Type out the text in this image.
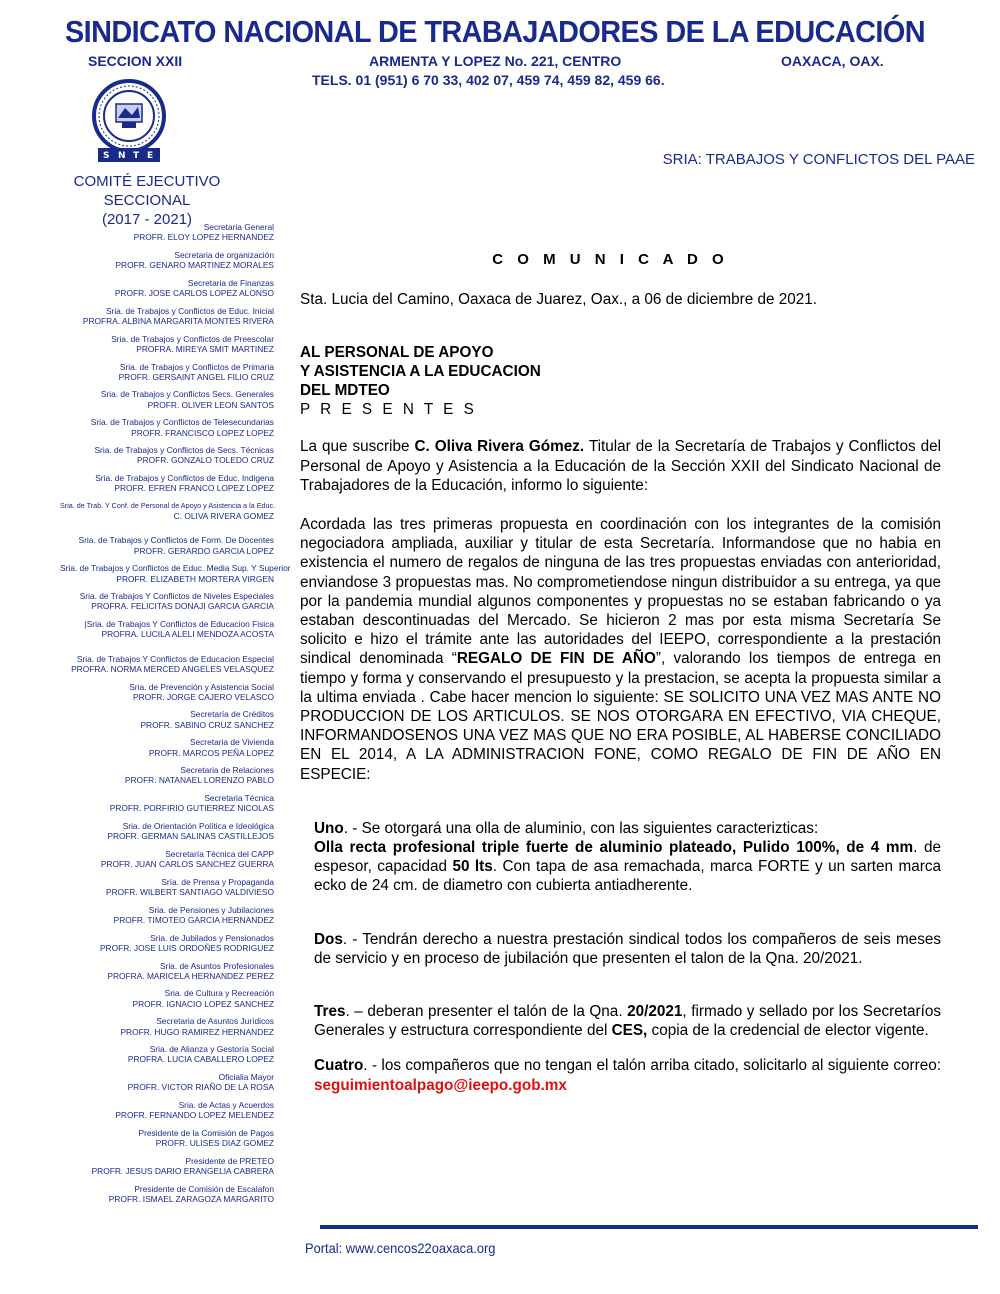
SINDICATO NACIONAL DE TRABAJADORES DE LA EDUCACIÓN
SECCION XXII	ARMENTA Y LOPEZ No. 221, CENTRO	OAXACA, OAX.
TELS. 01 (951) 6 70 33, 402 07, 459 74, 459 82, 459 66.
S N T E	SRIA: TRABAJOS Y CONFLICTOS DEL PAAE
COMITÉ EJECUTIVO SECCIONAL
(2017 - 2021)	Secretaria General
PROFR. ELOY LOPEZ HERNANDEZ
Secretaria de organización
PROFR. GENARO MARTINEZ MORALES
Secretaria de Finanzas
PROFR. JOSE CARLOS LOPEZ ALONSO
Sria. de Trabajos y Conflictos de Educ. Inicial
PROFRA. ALBINA MARGARITA MONTES RIVERA
Sria. de Trabajos y Conflictos de Preescolar
PROFRA. MIREYA SMIT MARTINEZ
Sria. de Trabajos y Conflictos de Primaria
PROFR. GERSAINT ANGEL FILIO CRUZ
Sria. de Trabajos y Conflictos Secs. Generales
PROFR. OLIVER LEON SANTOS
Sria. de Trabajos y Conflictos de Telesecundarias
PROFR. FRANCISCO LOPEZ LOPEZ
Sria. de Trabajos y Conflictos de Secs. Técnicas
PROFR. GONZALO TOLEDO CRUZ
Sria. de Trabajos y Conflictos de Educ. Indigena
PROFR. EFREN FRANCO LOPEZ LOPEZ
Sria. de Trab. Y Conf. de Personal de Apoyo y Asistencia a la Educ.
C. OLIVA RIVERA GOMEZ
Sria. de Trabajos y Conflictos de Form. De Docentes
PROFR. GERARDO GARCIA LOPEZ
Sria. de Trabajos y Conflictos de Educ. Media Sup. Y Superior
PROFR. ELIZABETH MORTERA VIRGEN
Sria. de Trabajos Y Conflictos de Niveles Especiales
PROFRA. FELICITAS DONAJI GARCIA GARCIA
|Sria. de Trabajos Y Conflictos de Educacion Fisica
PROFRA. LUCILA ALELI MENDOZA ACOSTA
Sria. de Trabajos Y Conflictos de Educacion Especial
PROFRA. NORMA MERCED ANGELES VELASQUEZ
Sria. de Prevención y Asistencia Social
PROFR. JORGE CAJERO VELASCO
Secretaría de Créditos
PROFR. SABINO CRUZ SANCHEZ
Secretaria de Vivienda
PROFR. MARCOS PEÑA LOPEZ
Secretaria de Relaciones
PROFR. NATANAEL LORENZO PABLO
Secretaria Técnica
PROFR. PORFIRIO GUTIERREZ NICOLAS
Sria. de Orientación Política e Ideológica
PROFR. GERMAN SALINAS CASTILLEJOS
Secretaría Técnica del CAPP
PROFR. JUAN CARLOS SANCHEZ GUERRA
Sría. de Prensa y Propaganda
PROFR. WILBERT SANTIAGO VALDIVIESO
Sria. de Pensiones y Jubilaciones
PROFR. TIMOTEO GARCIA HERNANDEZ
Sria. de Jubilados y Pensionados
PROFR. JOSE LUIS ORDOÑES RODRIGUEZ
Sria. de Asuntos Profesionales
PROFRA. MARICELA HERNANDEZ PEREZ
Sria. de Cultura y Recreación
PROFR. IGNACIO LOPEZ SANCHEZ
Secretaria de Asuntos Jurídicos
PROFR. HUGO RAMIREZ HERNANDEZ
Sria. de Alianza y Gestoría Social
PROFRA. LUCIA CABALLERO LOPEZ
Oficialia Mayor
PROFR. VICTOR RIAÑO DE LA ROSA
Sria. de Actas y Acuerdos
PROFR. FERNANDO LOPEZ MELENDEZ
Presidente de la Comisión de Pagos
PROFR. ULISES DIAZ GOMEZ
Presidente de PRETEO
PROFR. JESUS DARIO ERANGELIA CABRERA
Presidente de Comisión de Escalafon
PROFR. ISMAEL ZARAGOZA MARGARITO
C O M U N I C A D O
Sta. Lucia del Camino, Oaxaca de Juarez, Oax., a 06 de diciembre de 2021.
AL PERSONAL DE APOYO
Y ASISTENCIA A LA EDUCACION
DEL MDTEO
P R E S E N T E S
La que suscribe C. Oliva Rivera Gómez. Titular de la Secretaría de Trabajos y Conflictos del Personal de Apoyo y Asistencia a la Educación de la Sección XXII del Sindicato Nacional de Trabajadores de la Educación, informo lo siguiente:
Acordada las tres primeras propuesta en coordinación con los integrantes de la comisión negociadora ampliada, auxiliar y titular de esta Secretaría. Informandose que no habia en existencia el numero de regalos de ninguna de las tres propuestas enviadas con anterioridad, enviandose 3 propuestas mas. No comprometiendose ningun distribuidor a su entrega, ya que por la pandemia mundial algunos componentes y propuestas no se estaban fabricando o ya estaban descontinuadas del Mercado. Se hicieron 2 mas por esta misma Secretaría Se solicito e hizo el trámite ante las autoridades del IEEPO, correspondiente a la prestación sindical denominada “REGALO DE FIN DE AÑO”, valorando los tiempos de entrega en tiempo y forma y conservando el presupuesto y la prestacion, se acepta la propuesta similar a la ultima enviada . Cabe hacer mencion lo siguiente: SE SOLICITO UNA VEZ MAS ANTE NO PRODUCCION DE LOS ARTICULOS. SE NOS OTORGARA EN EFECTIVO, VIA CHEQUE, INFORMANDOSENOS UNA VEZ MAS QUE NO ERA POSIBLE, AL HABERSE CONCILIADO EN EL 2014, A LA ADMINISTRACION FONE, COMO REGALO DE FIN DE AÑO EN ESPECIE:
Uno. - Se otorgará una olla de aluminio, con las siguientes caracterizticas:
Olla recta profesional triple fuerte de aluminio plateado, Pulido 100%, de 4 mm. de espesor, capacidad 50 lts. Con tapa de asa remachada, marca FORTE y un sarten marca ecko de 24 cm. de diametro con cubierta antiadherente.
Dos. - Tendrán derecho a nuestra prestación sindical todos los compañeros de seis meses de servicio y en proceso de jubilación que presenten el talon de la Qna. 20/2021.
Tres. – deberan presenter el talón de la Qna. 20/2021, firmado y sellado por los Secretaríos Generales y estructura correspondiente del CES, copia de la credencial de elector vigente.
Cuatro. - los compañeros que no tengan el talón arriba citado, solicitarlo al siguiente correo: seguimientoalpago@ieepo.gob.mx
Portal: www.cencos22oaxaca.org
